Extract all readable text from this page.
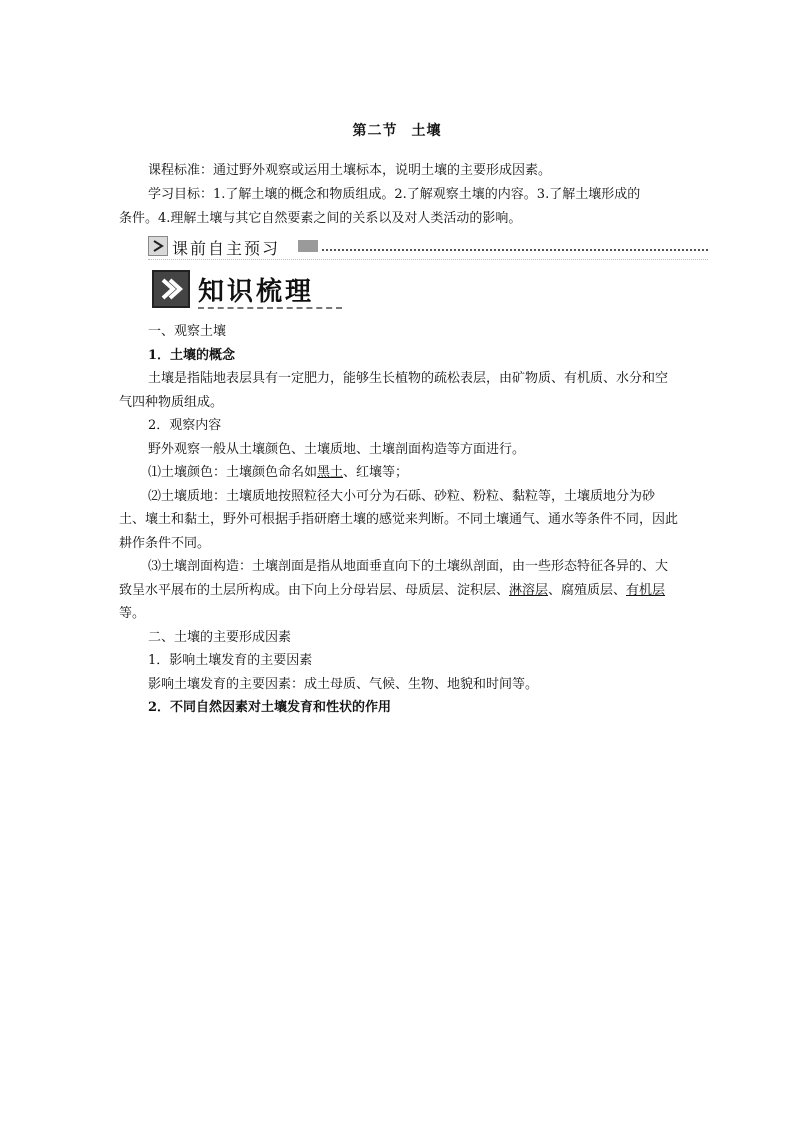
第二节 土壤

课程标准：通过野外观察或运用土壤标本，说明土壤的主要形成因素。

学习目标：1.了解土壤的概念和物质组成。2.了解观察土壤的内容。3.了解土壤形成的

条件。4.理解土壤与其它自然要素之间的关系以及对人类活动的影响。

课前自主预习
知识梳理

一、观察土壤

1．土壤的概念

土壤是指陆地表层具有一定肥力，能够生长植物的疏松表层，由矿物质、有机质、水分和空气四种物质组成。

2．观察内容

野外观察一般从土壤颜色、土壤质地、土壤剖面构造等方面进行。

⑴土壤颜色：土壤颜色命名如黑土、红壤等；

⑵土壤质地：土壤质地按照粒径大小可分为石砾、砂粒、粉粒、黏粒等，土壤质地分为砂土、壤土和黏土，野外可根据手指研磨土壤的感觉来判断。不同土壤通气、通水等条件不同，因此耕作条件不同。

⑶土壤剖面构造：土壤剖面是指从地面垂直向下的土壤纵剖面，由一些形态特征各异的、大致呈水平展布的土层所构成。由下向上分母岩层、母质层、淀积层、淋溶层、腐殖质层、有机层等。

二、土壤的主要形成因素

1．影响土壤发育的主要因素

影响土壤发育的主要因素：成土母质、气候、生物、地貌和时间等。

2．不同自然因素对土壤发育和性状的作用
